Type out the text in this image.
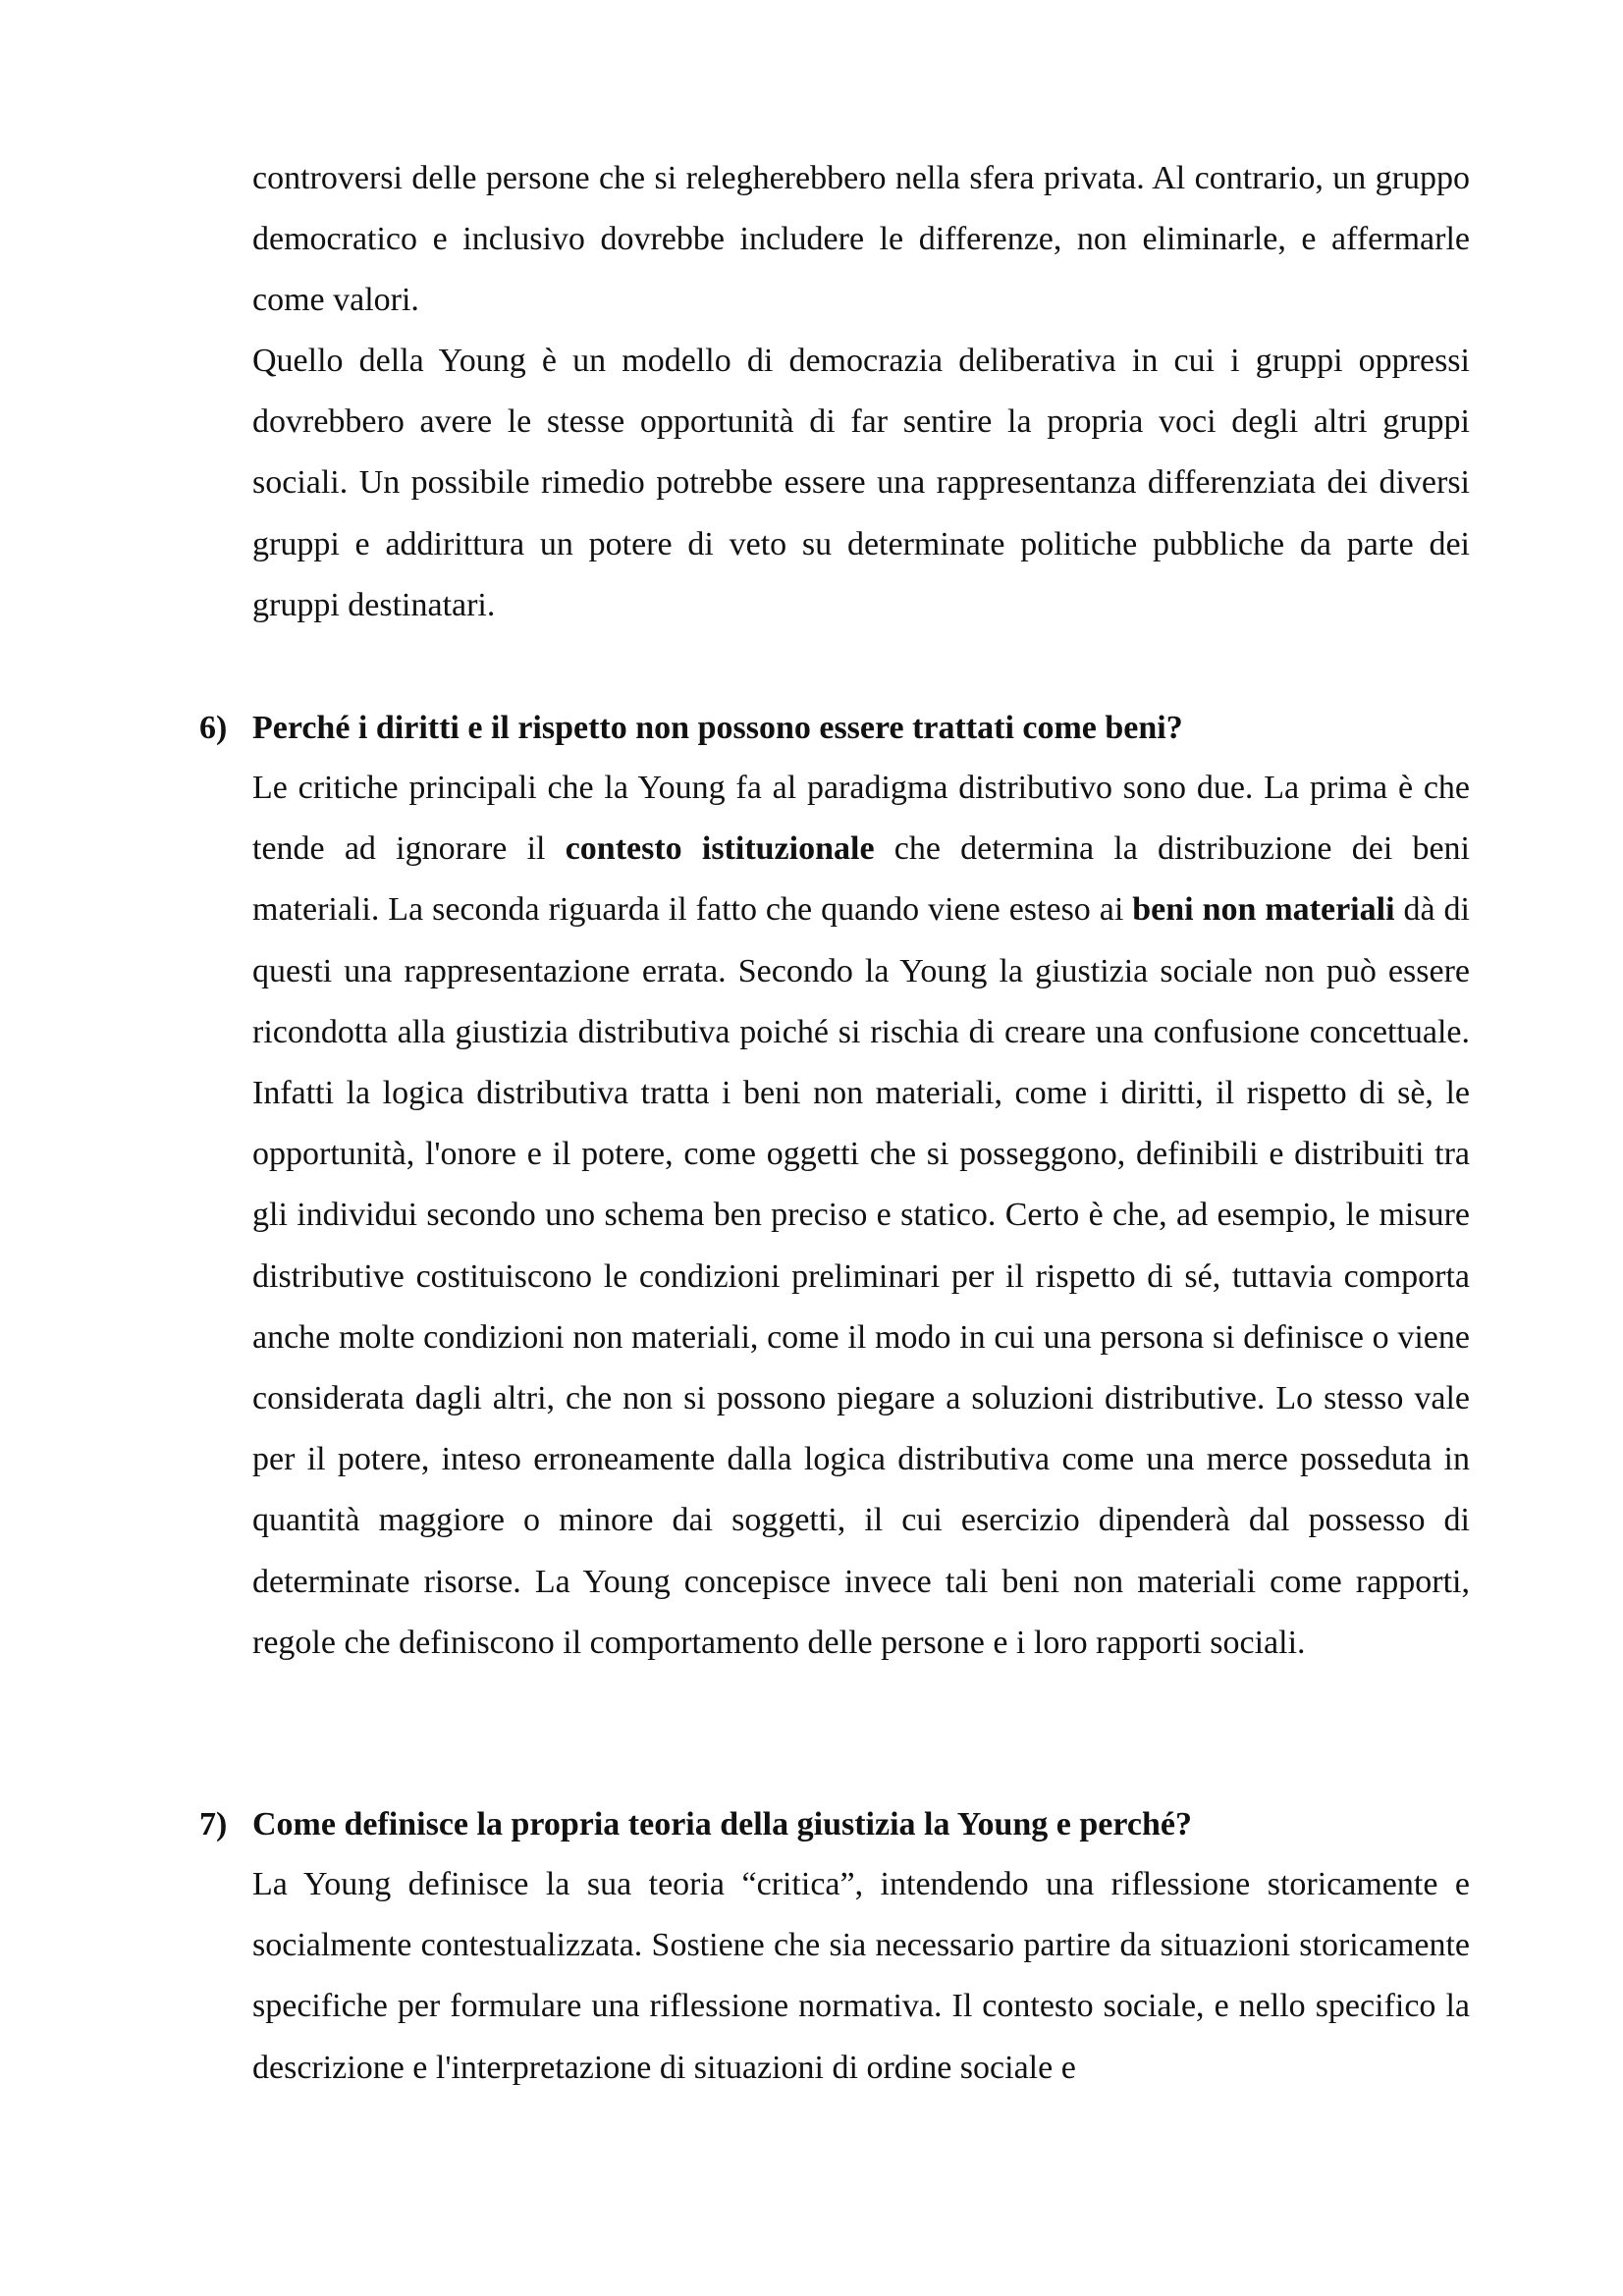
controversi delle persone che si relegherebbero nella sfera privata. Al contrario, un gruppo democratico e inclusivo dovrebbe includere le differenze, non eliminarle, e affermarle come valori.

Quello della Young è un modello di democrazia deliberativa in cui i gruppi oppressi dovrebbero avere le stesse opportunità di far sentire la propria voci degli altri gruppi sociali. Un possibile rimedio potrebbe essere una rappresentanza differenziata dei diversi gruppi e addirittura un potere di veto su determinate politiche pubbliche da parte dei gruppi destinatari.

6) Perché i diritti e il rispetto non possono essere trattati come beni?

Le critiche principali che la Young fa al paradigma distributivo sono due. La prima è che tende ad ignorare il contesto istituzionale che determina la distribuzione dei beni materiali. La seconda riguarda il fatto che quando viene esteso ai beni non materiali dà di questi una rappresentazione errata. Secondo la Young la giustizia sociale non può essere ricondotta alla giustizia distributiva poiché si rischia di creare una confusione concettuale. Infatti la logica distributiva tratta i beni non materiali, come i diritti, il rispetto di sè, le opportunità, l'onore e il potere, come oggetti che si posseggono, definibili e distribuiti tra gli individui secondo uno schema ben preciso e statico. Certo è che, ad esempio, le misure distributive costituiscono le condizioni preliminari per il rispetto di sé, tuttavia comporta anche molte condizioni non materiali, come il modo in cui una persona si definisce o viene considerata dagli altri, che non si possono piegare a soluzioni distributive. Lo stesso vale per il potere, inteso erroneamente dalla logica distributiva come una merce posseduta in quantità maggiore o minore dai soggetti, il cui esercizio dipenderà dal possesso di determinate risorse. La Young concepisce invece tali beni non materiali come rapporti, regole che definiscono il comportamento delle persone e i loro rapporti sociali.

7) Come definisce la propria teoria della giustizia la Young e perché?

La Young definisce la sua teoria “critica”, intendendo una riflessione storicamente e socialmente contestualizzata. Sostiene che sia necessario partire da situazioni storicamente specifiche per formulare una riflessione normativa. Il contesto sociale, e nello specifico la descrizione e l'interpretazione di situazioni di ordine sociale e
